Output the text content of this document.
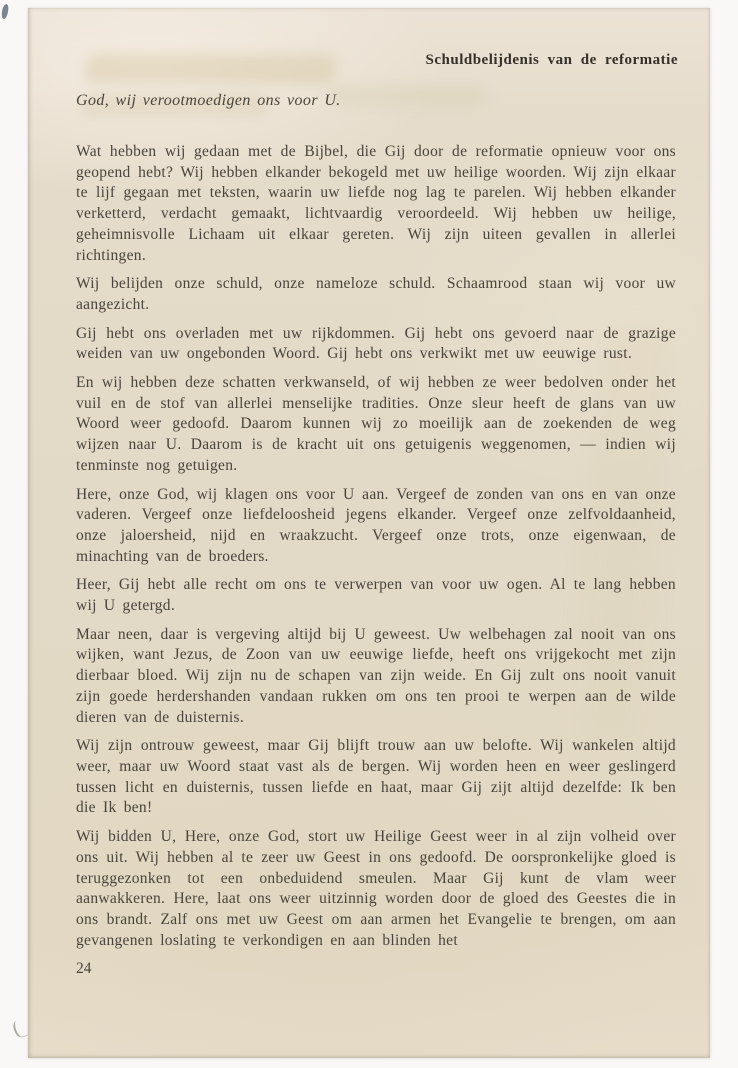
Schuldbelijdenis van de reformatie
God, wij verootmoedigen ons voor U.

Wat hebben wij gedaan met de Bijbel, die Gij door de reformatie opnieuw voor ons geopend hebt? Wij hebben elkander bekogeld met uw heilige woorden. Wij zijn elkaar te lijf gegaan met teksten, waarin uw liefde nog lag te parelen. Wij hebben elkander verketterd, verdacht gemaakt, lichtvaardig veroordeeld. Wij hebben uw heilige, geheimnisvolle Lichaam uit elkaar gereten. Wij zijn uiteen gevallen in allerlei richtingen.

Wij belijden onze schuld, onze nameloze schuld. Schaamrood staan wij voor uw aangezicht.

Gij hebt ons overladen met uw rijkdommen. Gij hebt ons gevoerd naar de grazige weiden van uw ongebonden Woord. Gij hebt ons verkwikt met uw eeuwige rust.

En wij hebben deze schatten verkwanseld, of wij hebben ze weer bedolven onder het vuil en de stof van allerlei menselijke tradities. Onze sleur heeft de glans van uw Woord weer gedoofd. Daarom kunnen wij zo moeilijk aan de zoekenden de weg wijzen naar U. Daarom is de kracht uit ons getuigenis weggenomen, — indien wij tenminste nog getuigen.

Here, onze God, wij klagen ons voor U aan. Vergeef de zonden van ons en van onze vaderen. Vergeef onze liefdeloosheid jegens elkander. Vergeef onze zelfvoldaanheid, onze jaloersheid, nijd en wraakzucht. Vergeef onze trots, onze eigenwaan, de minachting van de broeders.

Heer, Gij hebt alle recht om ons te verwerpen van voor uw ogen. Al te lang hebben wij U getergd.

Maar neen, daar is vergeving altijd bij U geweest. Uw welbehagen zal nooit van ons wijken, want Jezus, de Zoon van uw eeuwige liefde, heeft ons vrijgekocht met zijn dierbaar bloed. Wij zijn nu de schapen van zijn weide. En Gij zult ons nooit vanuit zijn goede herdershanden vandaan rukken om ons ten prooi te werpen aan de wilde dieren van de duisternis.

Wij zijn ontrouw geweest, maar Gij blijft trouw aan uw belofte. Wij wankelen altijd weer, maar uw Woord staat vast als de bergen. Wij worden heen en weer geslingerd tussen licht en duisternis, tussen liefde en haat, maar Gij zijt altijd dezelfde: Ik ben die Ik ben!

Wij bidden U, Here, onze God, stort uw Heilige Geest weer in al zijn volheid over ons uit. Wij hebben al te zeer uw Geest in ons gedoofd. De oorspronkelijke gloed is teruggezonken tot een onbeduidend smeulen. Maar Gij kunt de vlam weer aanwakkeren. Here, laat ons weer uitzinnig worden door de gloed des Geestes die in ons brandt. Zalf ons met uw Geest om aan armen het Evangelie te brengen, om aan gevangenen loslating te verkondigen en aan blinden het

24
